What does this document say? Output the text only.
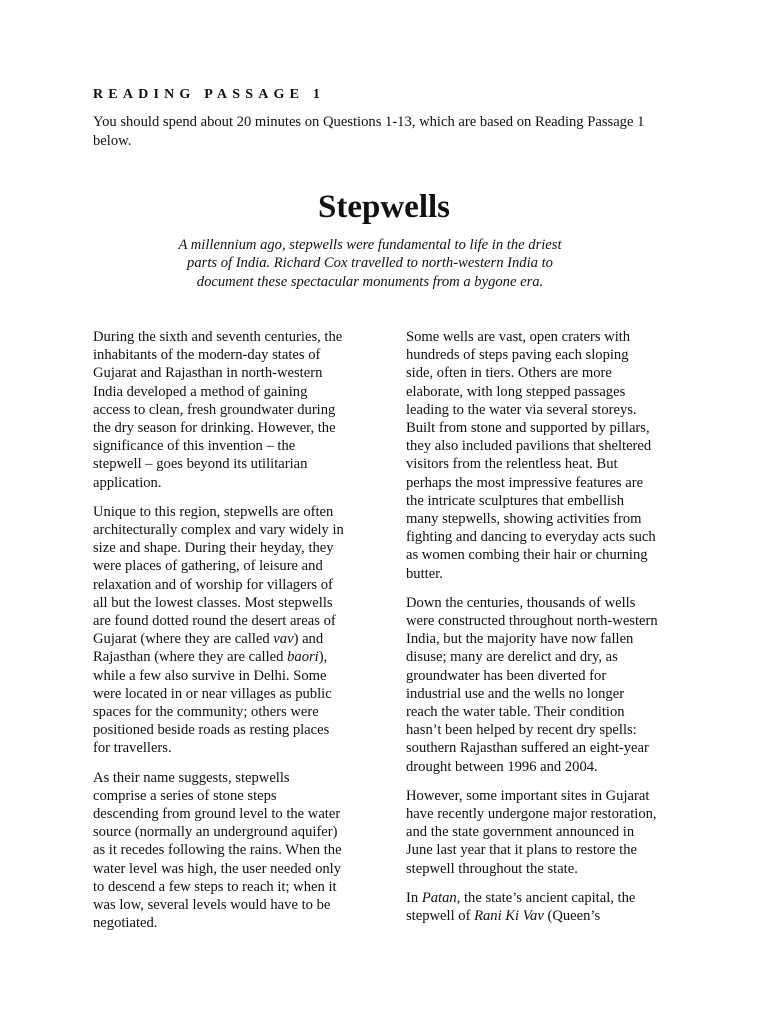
READING PASSAGE 1
You should spend about 20 minutes on Questions 1-13, which are based on Reading Passage 1 below.
Stepwells
A millennium ago, stepwells were fundamental to life in the driest
parts of India. Richard Cox travelled to north-western India to
document these spectacular monuments from a bygone era.

During the sixth and seventh centuries, the
inhabitants of the modern-day states of
Gujarat and Rajasthan in north-western
India developed a method of gaining
access to clean, fresh groundwater during
the dry season for drinking. However, the
significance of this invention – the
stepwell – goes beyond its utilitarian
application.

Unique to this region, stepwells are often
architecturally complex and vary widely in
size and shape. During their heyday, they
were places of gathering, of leisure and
relaxation and of worship for villagers of
all but the lowest classes. Most stepwells
are found dotted round the desert areas of
Gujarat (where they are called vav) and
Rajasthan (where they are called baori),
while a few also survive in Delhi. Some
were located in or near villages as public
spaces for the community; others were
positioned beside roads as resting places
for travellers.

As their name suggests, stepwells
comprise a series of stone steps
descending from ground level to the water
source (normally an underground aquifer)
as it recedes following the rains. When the
water level was high, the user needed only
to descend a few steps to reach it; when it
was low, several levels would have to be
negotiated.

Some wells are vast, open craters with
hundreds of steps paving each sloping
side, often in tiers. Others are more
elaborate, with long stepped passages
leading to the water via several storeys.
Built from stone and supported by pillars,
they also included pavilions that sheltered
visitors from the relentless heat. But
perhaps the most impressive features are
the intricate sculptures that embellish
many stepwells, showing activities from
fighting and dancing to everyday acts such
as women combing their hair or churning
butter.

Down the centuries, thousands of wells
were constructed throughout north-western
India, but the majority have now fallen
disuse; many are derelict and dry, as
groundwater has been diverted for
industrial use and the wells no longer
reach the water table. Their condition
hasn’t been helped by recent dry spells:
southern Rajasthan suffered an eight-year
drought between 1996 and 2004.

However, some important sites in Gujarat
have recently undergone major restoration,
and the state government announced in
June last year that it plans to restore the
stepwell throughout the state.

In Patan, the state’s ancient capital, the
stepwell of Rani Ki Vav (Queen’s
